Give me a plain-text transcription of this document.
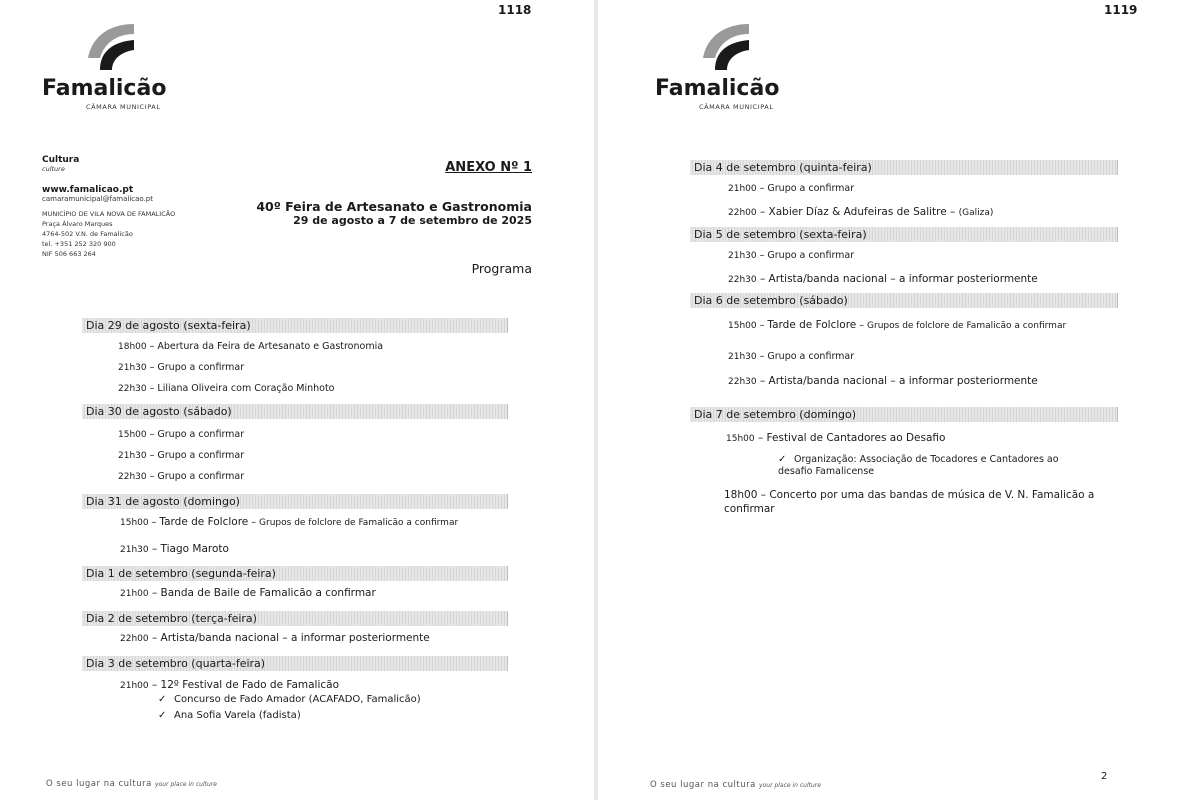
1118
Famalicão
CÂMARA MUNICIPAL
Cultura
culture
www.famalicao.pt
camaramunicipal@famalicao.pt
MUNICÍPIO DE VILA NOVA DE FAMALICÃO
Praça Álvaro Marques
4764-502 V.N. de Famalicão
tel. +351 252 320 900
NIF 506 663 264
ANEXO Nº 1
40º Feira de Artesanato e Gastronomia
29 de agosto a 7 de setembro de 2025
Programa
Dia 29 de agosto (sexta-feira)
18h00 – Abertura da Feira de Artesanato e Gastronomia
21h30 – Grupo a confirmar
22h30 – Liliana Oliveira com Coração Minhoto
Dia 30 de agosto (sábado)
15h00 – Grupo a confirmar
21h30 – Grupo a confirmar
22h30 – Grupo a confirmar
Dia 31 de agosto (domingo)
15h00 – Tarde de Folclore – Grupos de folclore de Famalicão a confirmar
21h30 – Tiago Maroto
Dia 1 de setembro (segunda-feira)
21h00 – Banda de Baile de Famalicão a confirmar
Dia 2 de setembro (terça-feira)
22h00 – Artista/banda nacional – a informar posteriormente
Dia 3 de setembro (quarta-feira)
21h00 – 12º Festival de Fado de Famalicão
✓ Concurso de Fado Amador (ACAFADO, Famalicão)
✓ Ana Sofia Varela (fadista)
O seu lugar na cultura your place in culture
1119
Famalicão
CÂMARA MUNICIPAL
Dia 4 de setembro (quinta-feira)
21h00 – Grupo a confirmar
22h00 – Xabier Díaz & Adufeiras de Salitre – (Galiza)
Dia 5 de setembro (sexta-feira)
21h30 – Grupo a confirmar
22h30 – Artista/banda nacional – a informar posteriormente
Dia 6 de setembro (sábado)
15h00 – Tarde de Folclore – Grupos de folclore de Famalicão a confirmar
21h30 – Grupo a confirmar
22h30 – Artista/banda nacional – a informar posteriormente
Dia 7 de setembro (domingo)
15h00 – Festival de Cantadores ao Desafio
✓ Organização: Associação de Tocadores e Cantadores ao desafio Famalicense
18h00 – Concerto por uma das bandas de música de V. N. Famalicão a confirmar
O seu lugar na cultura your place in culture
2
